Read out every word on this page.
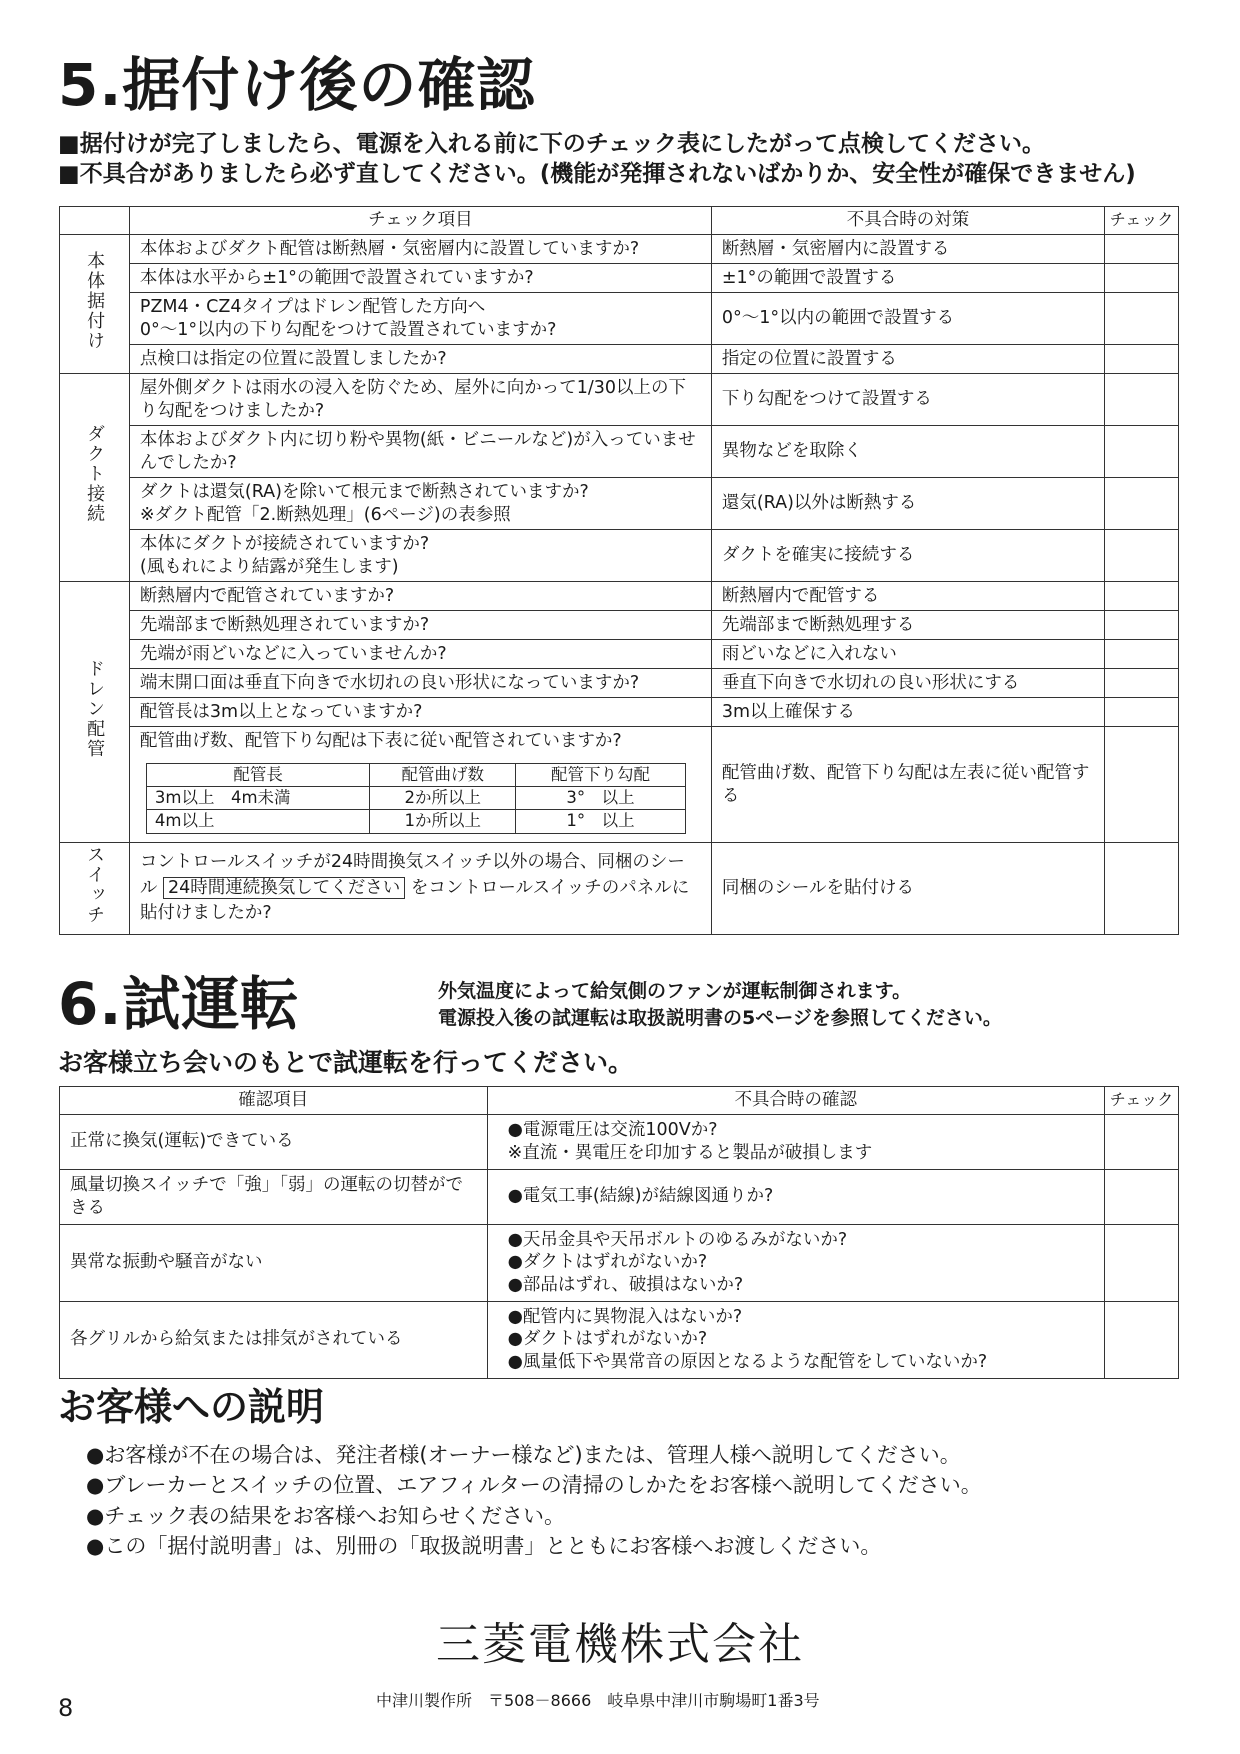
5.据付け後の確認
■据付けが完了しましたら、電源を入れる前に下のチェック表にしたがって点検してください。
■不具合がありましたら必ず直してください。(機能が発揮されないばかりか、安全性が確保できません)
	チェック項目	不具合時の対策	チェック
本体据付け	本体およびダクト配管は断熱層・気密層内に設置していますか?	断熱層・気密層内に設置する	
本体は水平から±1°の範囲で設置されていますか?	±1°の範囲で設置する	
PZM4・CZ4タイプはドレン配管した方向へ
0°～1°以内の下り勾配をつけて設置されていますか?	0°～1°以内の範囲で設置する	
点検口は指定の位置に設置しましたか?	指定の位置に設置する	
ダクト接続	屋外側ダクトは雨水の浸入を防ぐため、屋外に向かって1/30以上の下り勾配をつけましたか?	下り勾配をつけて設置する	
本体およびダクト内に切り粉や異物(紙・ビニールなど)が入っていませんでしたか?	異物などを取除く	
ダクトは還気(RA)を除いて根元まで断熱されていますか?
※ダクト配管「2.断熱処理」(6ページ)の表参照	還気(RA)以外は断熱する	
本体にダクトが接続されていますか?
(風もれにより結露が発生します)	ダクトを確実に接続する	
ドレン配管	断熱層内で配管されていますか?	断熱層内で配管する	
先端部まで断熱処理されていますか?	先端部まで断熱処理する	
先端が雨どいなどに入っていませんか?	雨どいなどに入れない	
端末開口面は垂直下向きで水切れの良い形状になっていますか?	垂直下向きで水切れの良い形状にする	
配管長は3m以上となっていますか?	3m以上確保する	

配管曲げ数、配管下り勾配は下表に従い配管されていますか?
配管長	配管曲げ数	配管下り勾配
3m以上　4m未満	2か所以上	3°　以上
4m以上	1か所以上	1°　以上
	配管曲げ数、配管下り勾配は左表に従い配管する	
スイッチ	コントロールスイッチが24時間換気スイッチ以外の場合、同梱のシール 24時間連続換気してください をコントロールスイッチのパネルに貼付けましたか?	同梱のシールを貼付ける	
6.試運転	外気温度によって給気側のファンが運転制御されます。
電源投入後の試運転は取扱説明書の5ページを参照してください。
お客様立ち会いのもとで試運転を行ってください。
確認項目	不具合時の確認	チェック
正常に換気(運転)できている	●電源電圧は交流100Vか?
※直流・異電圧を印加すると製品が破損します	

風量切換スイッチで「強」「弱」の運転の切替ができる	●電気工事(結線)が結線図通りか?	

異常な振動や騒音がない	●天吊金具や天吊ボルトのゆるみがないか?
●ダクトはずれがないか?
●部品はずれ、破損はないか?	

各グリルから給気または排気がされている	●配管内に異物混入はないか?
●ダクトはずれがないか?
●風量低下や異常音の原因となるような配管をしていないか?	

お客様への説明
●お客様が不在の場合は、発注者様(オーナー様など)または、管理人様へ説明してください。
●ブレーカーとスイッチの位置、エアフィルターの清掃のしかたをお客様へ説明してください。
●チェック表の結果をお客様へお知らせください。
●この「据付説明書」は、別冊の「取扱説明書」とともにお客様へお渡しください。
三菱電機株式会社
中津川製作所　〒508－8666　岐阜県中津川市駒場町1番3号
8
